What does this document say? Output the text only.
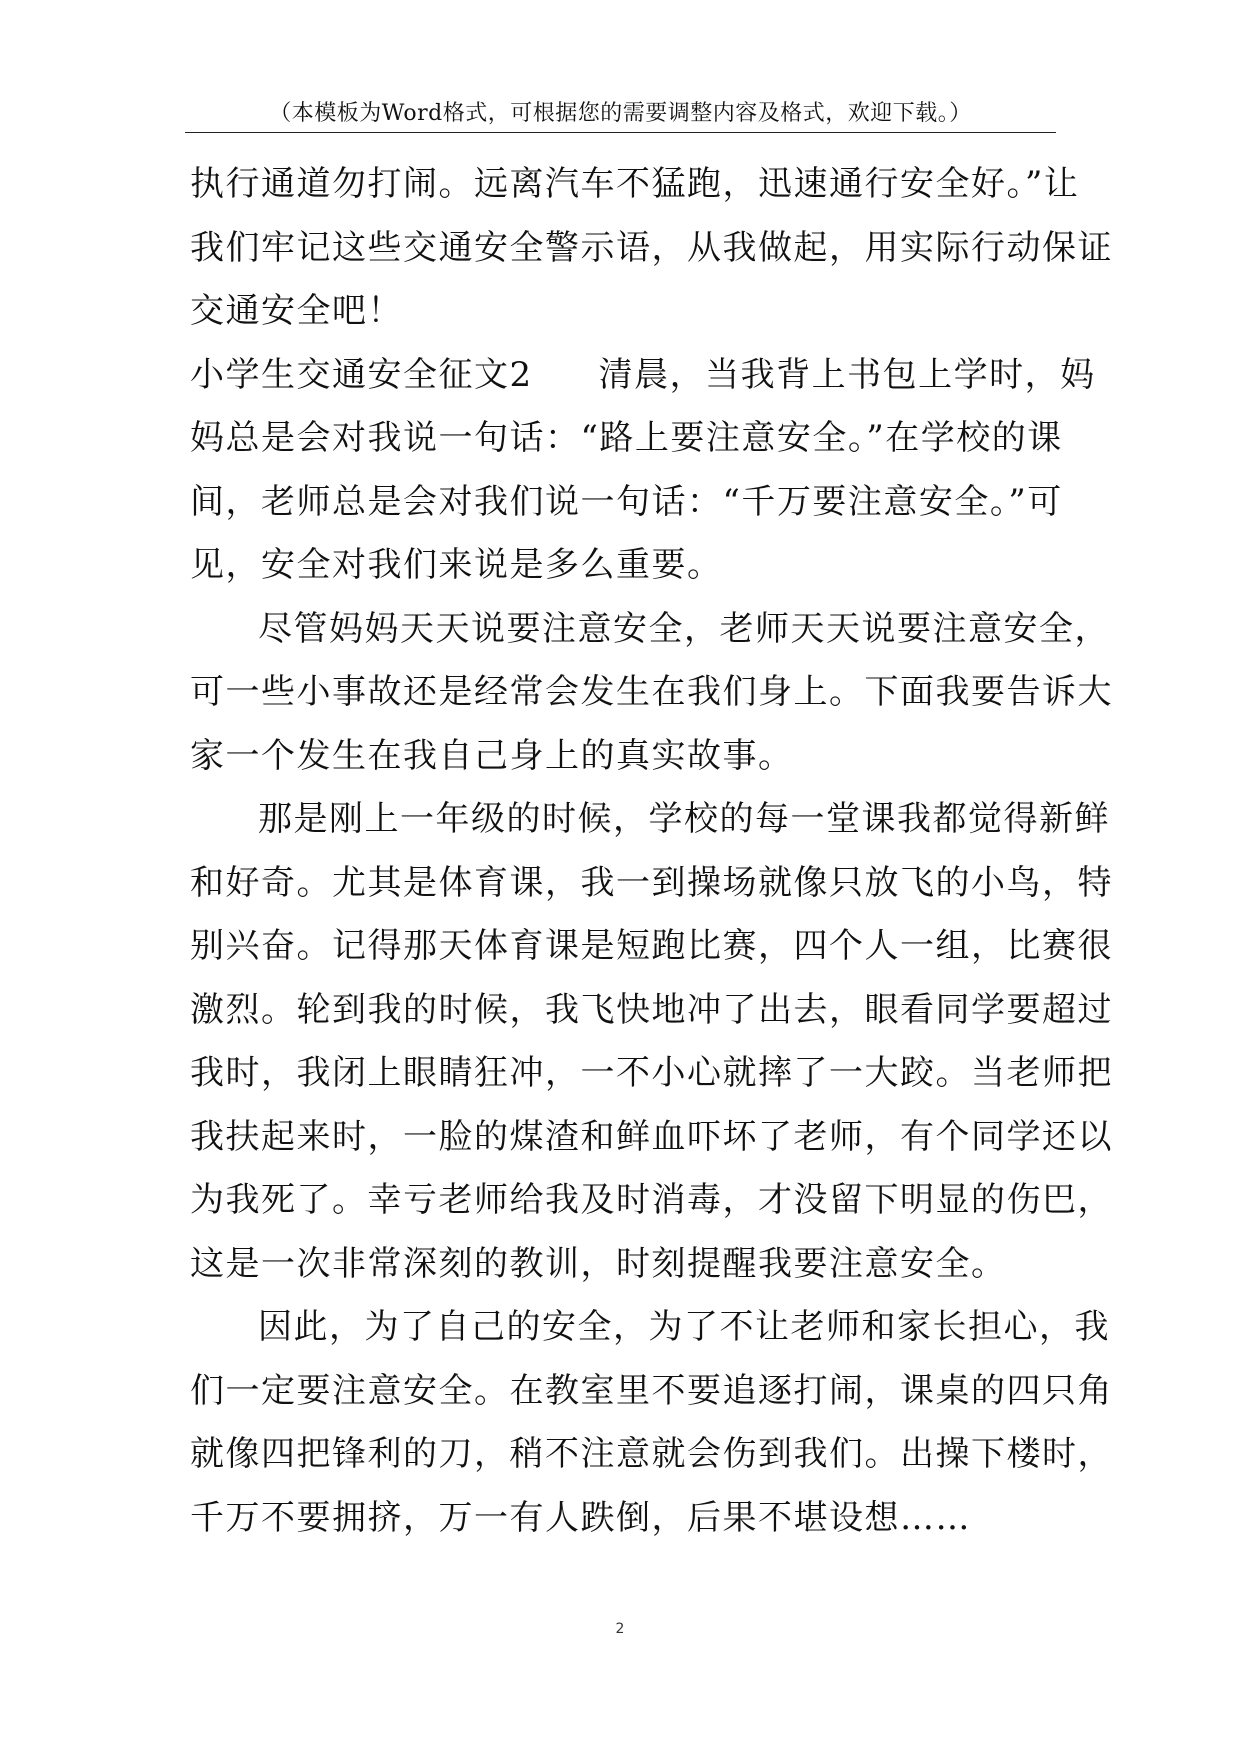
（本模板为Word格式，可根据您的需要调整内容及格式，欢迎下载。）
执行通道勿打闹。远离汽车不猛跑，迅速通行安全好。”让
我们牢记这些交通安全警示语，从我做起，用实际行动保证
交通安全吧！
小学生交通安全征文2 清晨，当我背上书包上学时，妈
妈总是会对我说一句话：“路上要注意安全。”在学校的课
间，老师总是会对我们说一句话：“千万要注意安全。”可
见，安全对我们来说是多么重要。
尽管妈妈天天说要注意安全，老师天天说要注意安全，
可一些小事故还是经常会发生在我们身上。下面我要告诉大
家一个发生在我自己身上的真实故事。
那是刚上一年级的时候，学校的每一堂课我都觉得新鲜
和好奇。尤其是体育课，我一到操场就像只放飞的小鸟，特
别兴奋。记得那天体育课是短跑比赛，四个人一组，比赛很
激烈。轮到我的时候，我飞快地冲了出去，眼看同学要超过
我时，我闭上眼睛狂冲，一不小心就摔了一大跤。当老师把
我扶起来时，一脸的煤渣和鲜血吓坏了老师，有个同学还以
为我死了。幸亏老师给我及时消毒，才没留下明显的伤巴，
这是一次非常深刻的教训，时刻提醒我要注意安全。
因此，为了自己的安全，为了不让老师和家长担心，我
们一定要注意安全。在教室里不要追逐打闹，课桌的四只角
就像四把锋利的刀，稍不注意就会伤到我们。出操下楼时，
千万不要拥挤，万一有人跌倒，后果不堪设想……
2
